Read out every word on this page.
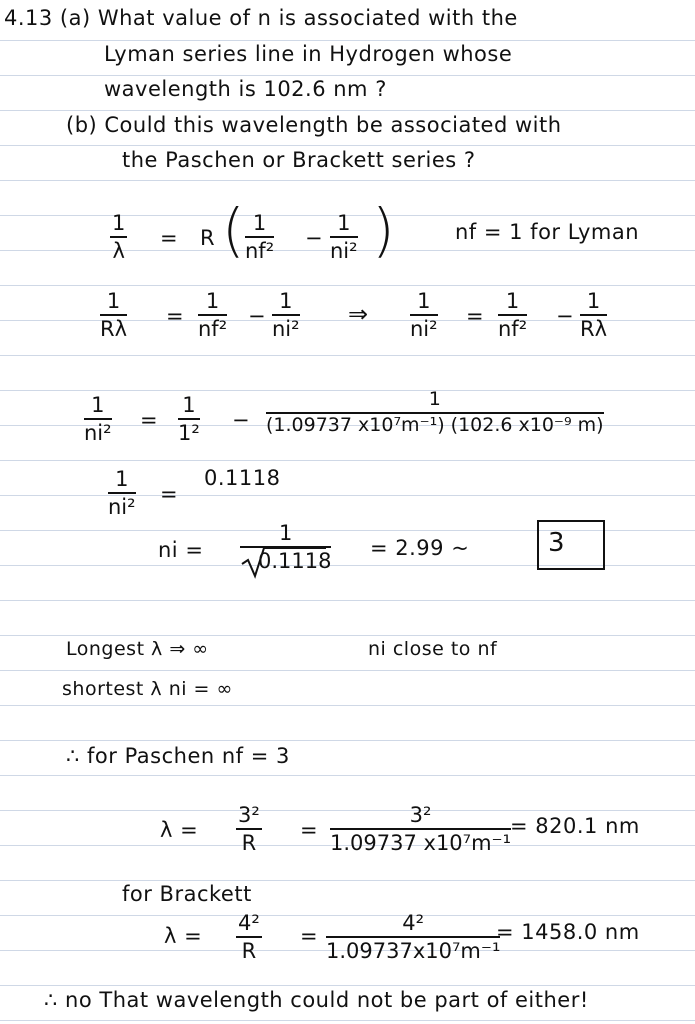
4.13 (a) What value of n is associated with the
Lyman series line in Hydrogen whose
wavelength is 102.6 nm ?
(b) Could this wavelength be associated with
the Paschen or Brackett series ?
1
λ
= R ( 1
nf²
−
1
ni² )	nf = 1 for Lyman
1
Rλ
=
1
nf²
−
1
ni²
⇒ 1
ni²
=
1
nf²
−
1
Rλ
1
ni²
=
1
1²
−
1
(1.09737 x10⁷m⁻¹) (102.6 x10⁻⁹ m)
1
ni²
=
0.1118
ni =
1
0.1118
= 2.99 ~	3
Longest λ ⇒ ∞	ni close to nf
shortest λ ni = ∞
∴ for Paschen nf = 3
λ =
3²
R
=
3²
1.09737 x10⁷m⁻¹
= 820.1 nm
for Brackett
λ =
4²
R
=
4²
1.09737x10⁷m⁻¹
= 1458.0 nm
∴ no That wavelength could not be part of either!
